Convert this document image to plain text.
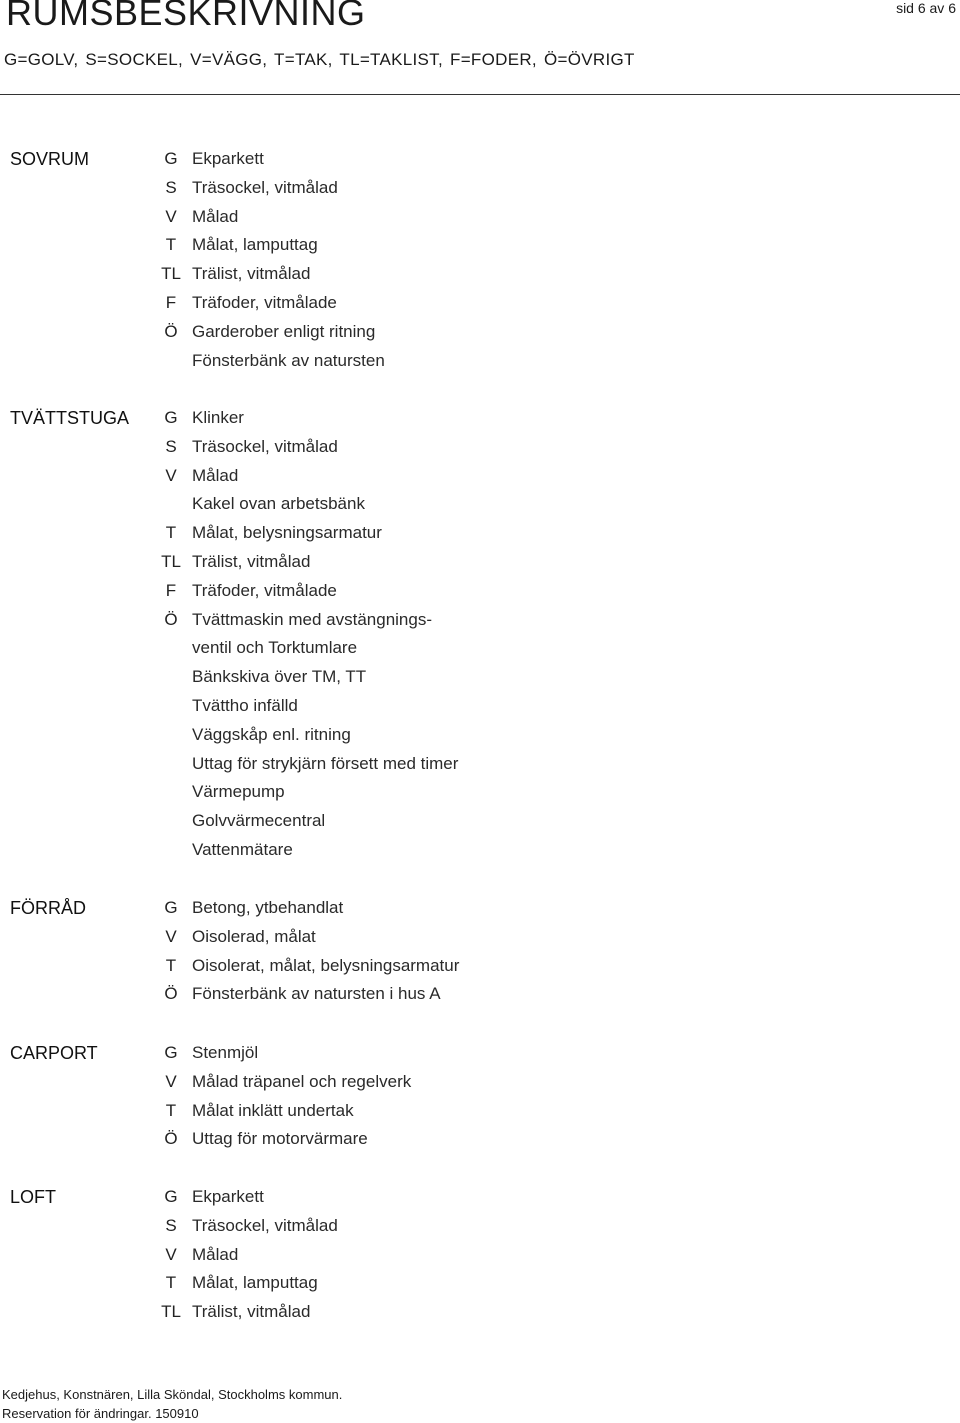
RUMSBESKRIVNING	sid 6 av 6
G=GOLV, S=SOCKEL, V=VÄGG, T=TAK, TL=TAKLIST, F=FODER, Ö=ÖVRIGT
SOVRUM	G Ekparkett
S Träsockel, vitmålad
V Målad
T Målat, lamputtag
TL Trälist, vitmålad
F Träfoder, vitmålade
Ö Garderober enligt ritning
Fönsterbänk av natursten
TVÄTTSTUGA	G Klinker
S Träsockel, vitmålad
V Målad
Kakel ovan arbetsbänk
T Målat, belysningsarmatur
TL Trälist, vitmålad
F Träfoder, vitmålade
Ö Tvättmaskin med avstängnings-
ventil och Torktumlare
Bänkskiva över TM, TT
Tvättho infälld
Väggskåp enl. ritning
Uttag för strykjärn försett med timer
Värmepump
Golvvärmecentral
Vattenmätare
FÖRRÅD	G Betong, ytbehandlat
V Oisolerad, målat
T Oisolerat, målat, belysningsarmatur
Ö Fönsterbänk av natursten i hus A
CARPORT	G Stenmjöl
V Målad träpanel och regelverk
T Målat inklätt undertak
Ö Uttag för motorvärmare
LOFT	G Ekparkett
S Träsockel, vitmålad
V Målad
T Målat, lamputtag
TL Trälist, vitmålad
Kedjehus, Konstnären, Lilla Sköndal, Stockholms kommun.
Reservation för ändringar. 150910
